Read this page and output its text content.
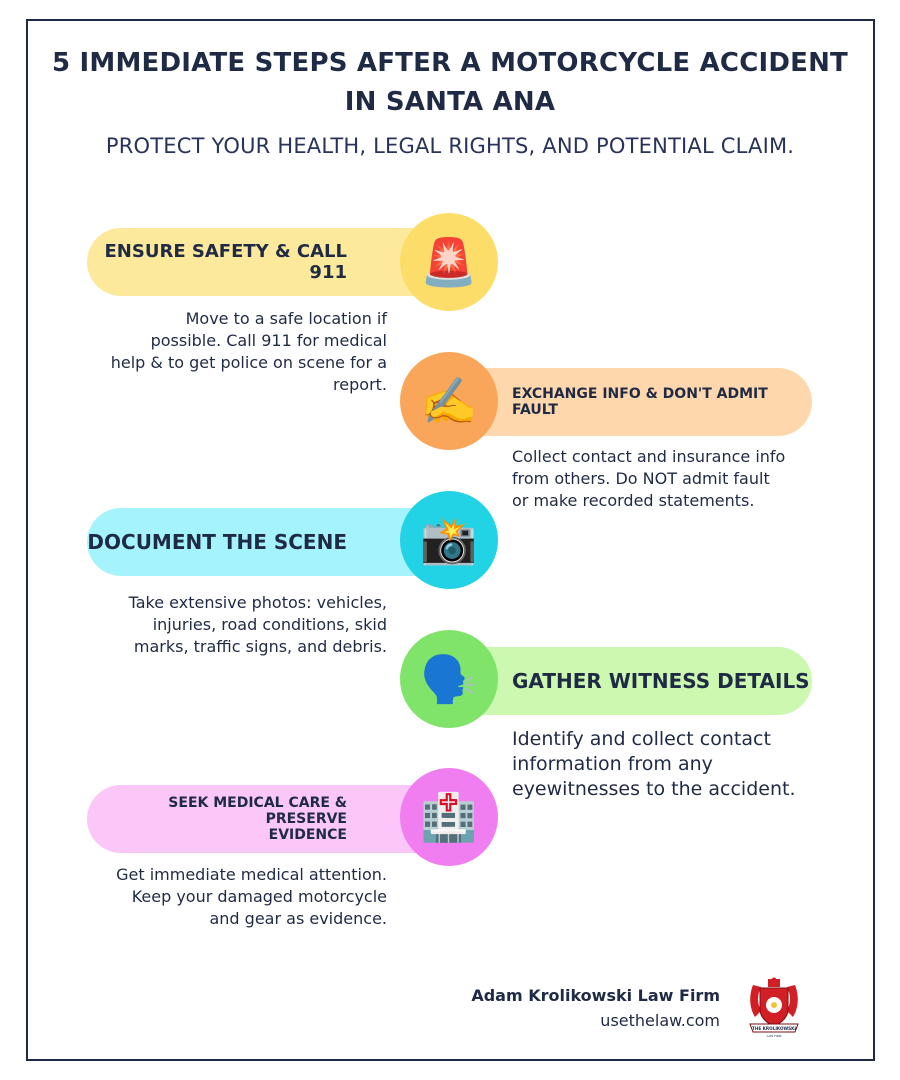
5 IMMEDIATE STEPS AFTER A MOTORCYCLE ACCIDENT
IN SANTA ANA
PROTECT YOUR HEALTH, LEGAL RIGHTS, AND POTENTIAL CLAIM.
ENSURE SAFETY & CALL 911 🚨
Move to a safe location if
possible. Call 911 for medical
help & to get police on scene for a
report.	EXCHANGE INFO & DON'T ADMIT
FAULT
✍️
Collect contact and insurance info
from others. Do NOT admit fault
or make recorded statements.
DOCUMENT THE SCENE 📸
Take extensive photos: vehicles,
injuries, road conditions, skid
marks, traffic signs, and debris.
GATHER WITNESS DETAILS
🗣️
Identify and collect contact
information from any
eyewitnesses to the accident.
SEEK MEDICAL CARE & PRESERVE
EVIDENCE 🏥
Get immediate medical attention.
Keep your damaged motorcycle
and gear as evidence.
Adam Krolikowski Law Firm
usethelaw.com	THE KROLIKOWSKI
LAW FIRM
